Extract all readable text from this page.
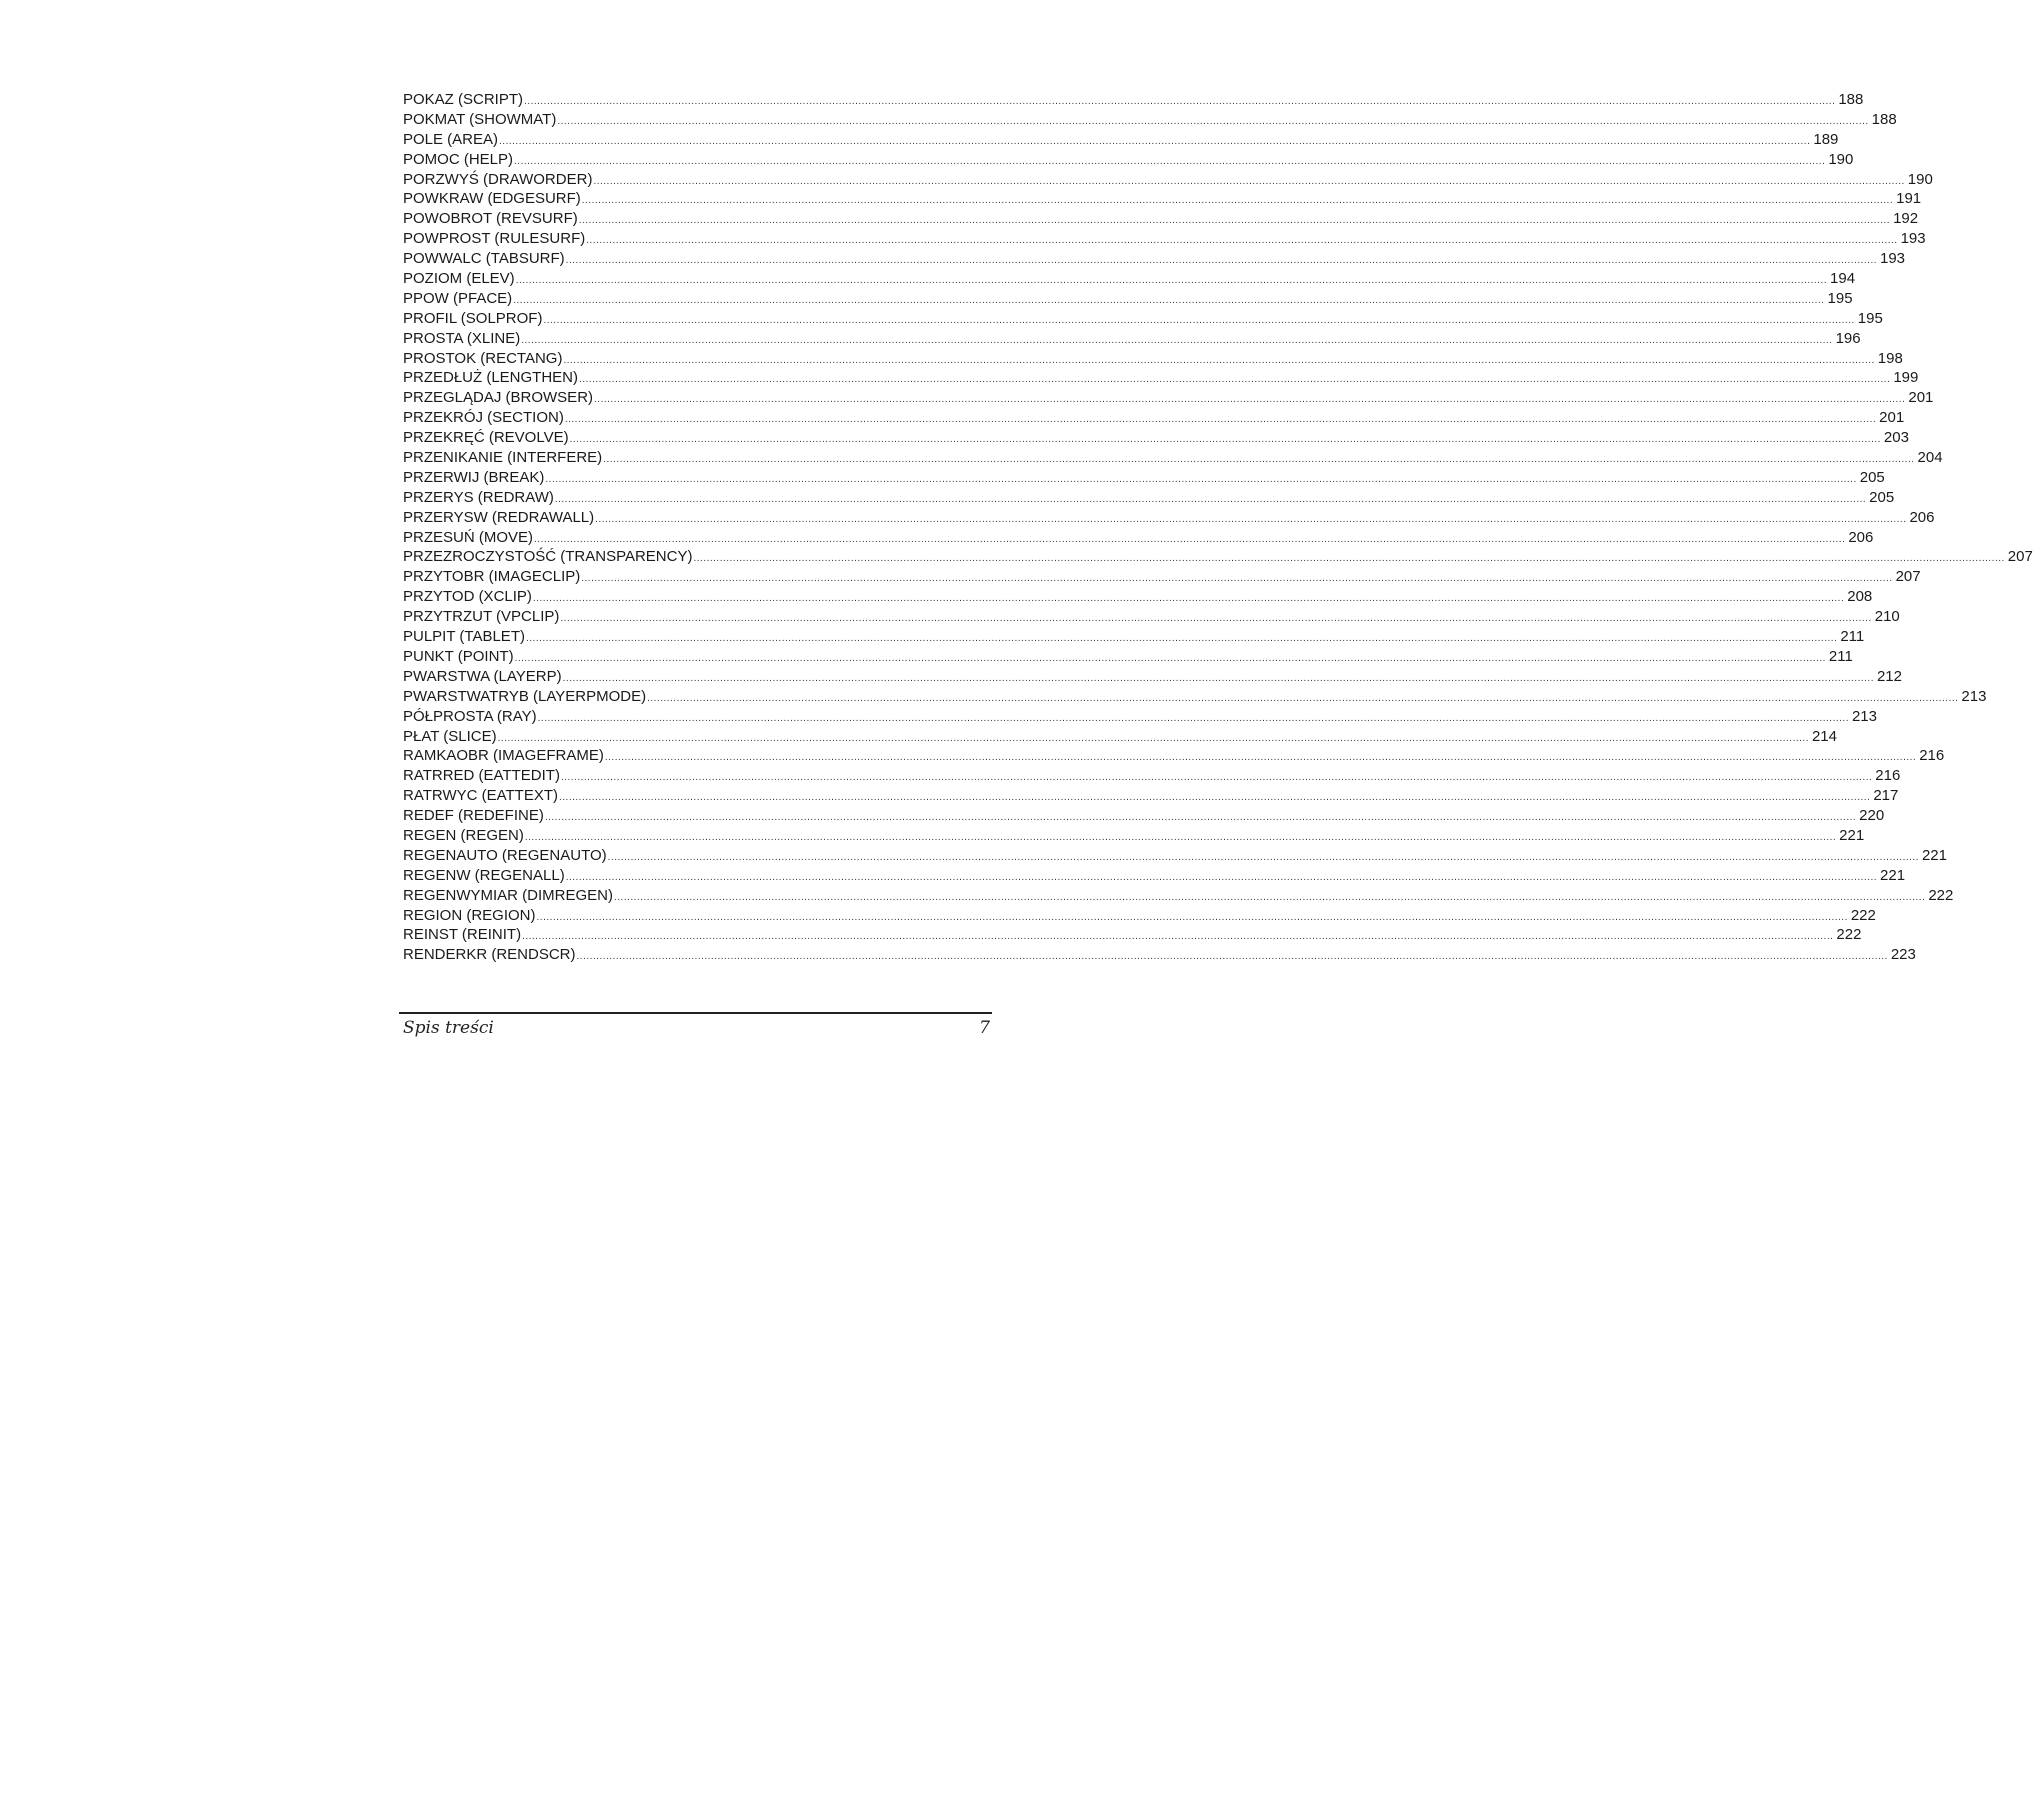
POKAZ (SCRIPT) ................................................................................................................................................................................................................................................................................................................................................................................................................ 188
POKMAT (SHOWMAT) ................................................................................................................................................................................................................................................................................................................................................................................................................ 188
POLE (AREA) ................................................................................................................................................................................................................................................................................................................................................................................................................ 189
POMOC (HELP) ................................................................................................................................................................................................................................................................................................................................................................................................................ 190
PORZWYŚ (DRAWORDER) ................................................................................................................................................................................................................................................................................................................................................................................................................ 190
POWKRAW (EDGESURF) ................................................................................................................................................................................................................................................................................................................................................................................................................ 191
POWOBROT (REVSURF) ................................................................................................................................................................................................................................................................................................................................................................................................................ 192
POWPROST (RULESURF) ................................................................................................................................................................................................................................................................................................................................................................................................................ 193
POWWALC (TABSURF) ................................................................................................................................................................................................................................................................................................................................................................................................................ 193
POZIOM (ELEV) ................................................................................................................................................................................................................................................................................................................................................................................................................ 194
PPOW (PFACE) ................................................................................................................................................................................................................................................................................................................................................................................................................ 195
PROFIL (SOLPROF) ................................................................................................................................................................................................................................................................................................................................................................................................................ 195
PROSTA (XLINE) ................................................................................................................................................................................................................................................................................................................................................................................................................ 196
PROSTOK (RECTANG) ................................................................................................................................................................................................................................................................................................................................................................................................................ 198
PRZEDŁUŻ (LENGTHEN) ................................................................................................................................................................................................................................................................................................................................................................................................................ 199
PRZEGLĄDAJ (BROWSER) ................................................................................................................................................................................................................................................................................................................................................................................................................ 201
PRZEKRÓJ (SECTION) ................................................................................................................................................................................................................................................................................................................................................................................................................ 201
PRZEKRĘĆ (REVOLVE) ................................................................................................................................................................................................................................................................................................................................................................................................................ 203
PRZENIKANIE (INTERFERE) ................................................................................................................................................................................................................................................................................................................................................................................................................ 204
PRZERWIJ (BREAK) ................................................................................................................................................................................................................................................................................................................................................................................................................ 205
PRZERYS (REDRAW) ................................................................................................................................................................................................................................................................................................................................................................................................................ 205
PRZERYSW (REDRAWALL) ................................................................................................................................................................................................................................................................................................................................................................................................................ 206
PRZESUŃ (MOVE) ................................................................................................................................................................................................................................................................................................................................................................................................................ 206
PRZEZROCZYSTOŚĆ (TRANSPARENCY) ................................................................................................................................................................................................................................................................................................................................................................................................................ 207
PRZYTOBR (IMAGECLIP) ................................................................................................................................................................................................................................................................................................................................................................................................................ 207
PRZYTOD (XCLIP) ................................................................................................................................................................................................................................................................................................................................................................................................................ 208
PRZYTRZUT (VPCLIP) ................................................................................................................................................................................................................................................................................................................................................................................................................ 210
PULPIT (TABLET) ................................................................................................................................................................................................................................................................................................................................................................................................................ 211
PUNKT (POINT) ................................................................................................................................................................................................................................................................................................................................................................................................................ 211
PWARSTWA (LAYERP) ................................................................................................................................................................................................................................................................................................................................................................................................................ 212
PWARSTWATRYB (LAYERPMODE) ................................................................................................................................................................................................................................................................................................................................................................................................................ 213
PÓŁPROSTA (RAY) ................................................................................................................................................................................................................................................................................................................................................................................................................ 213
PŁAT (SLICE) ................................................................................................................................................................................................................................................................................................................................................................................................................ 214
RAMKAOBR (IMAGEFRAME) ................................................................................................................................................................................................................................................................................................................................................................................................................ 216
RATRRED (EATTEDIT) ................................................................................................................................................................................................................................................................................................................................................................................................................ 216
RATRWYC (EATTEXT) ................................................................................................................................................................................................................................................................................................................................................................................................................ 217
REDEF (REDEFINE) ................................................................................................................................................................................................................................................................................................................................................................................................................ 220
REGEN (REGEN) ................................................................................................................................................................................................................................................................................................................................................................................................................ 221
REGENAUTO (REGENAUTO) ................................................................................................................................................................................................................................................................................................................................................................................................................ 221
REGENW (REGENALL) ................................................................................................................................................................................................................................................................................................................................................................................................................ 221
REGENWYMIAR (DIMREGEN) ................................................................................................................................................................................................................................................................................................................................................................................................................ 222
REGION (REGION) ................................................................................................................................................................................................................................................................................................................................................................................................................ 222
REINST (REINIT) ................................................................................................................................................................................................................................................................................................................................................................................................................ 222
RENDERKR (RENDSCR) ................................................................................................................................................................................................................................................................................................................................................................................................................ 223
Spis treści	7
